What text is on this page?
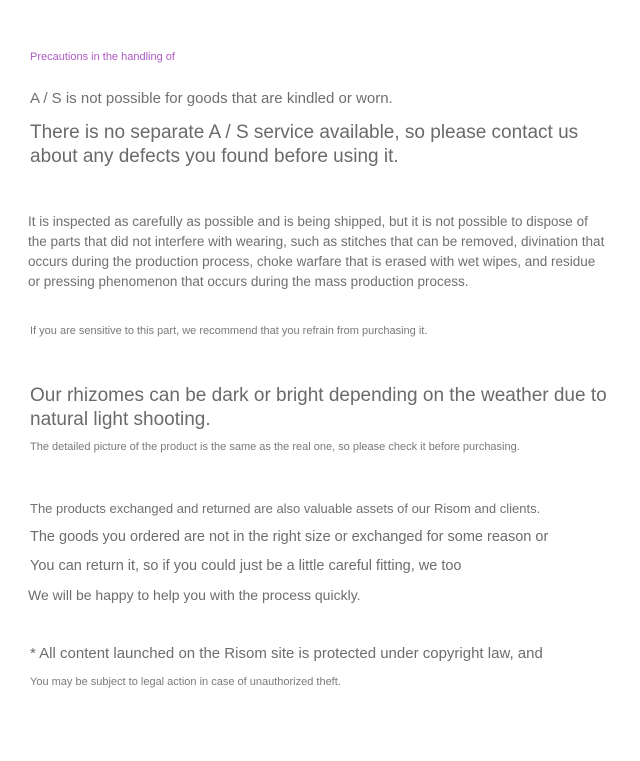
Precautions in the handling of

A / S is not possible for goods that are kindled or worn.

There is no separate A / S service available, so please contact us about any defects you found before using it.

It is inspected as carefully as possible and is being shipped, but it is not possible to dispose of the parts that did not interfere with wearing, such as stitches that can be removed, divination that occurs during the production process, choke warfare that is erased with wet wipes, and residue or pressing phenomenon that occurs during the mass production process.

If you are sensitive to this part, we recommend that you refrain from purchasing it.

Our rhizomes can be dark or bright depending on the weather due to natural light shooting.

The detailed picture of the product is the same as the real one, so please check it before purchasing.

The products exchanged and returned are also valuable assets of our Risom and clients.

The goods you ordered are not in the right size or exchanged for some reason or

You can return it, so if you could just be a little careful fitting, we too

We will be happy to help you with the process quickly.

* All content launched on the Risom site is protected under copyright law, and

You may be subject to legal action in case of unauthorized theft.
